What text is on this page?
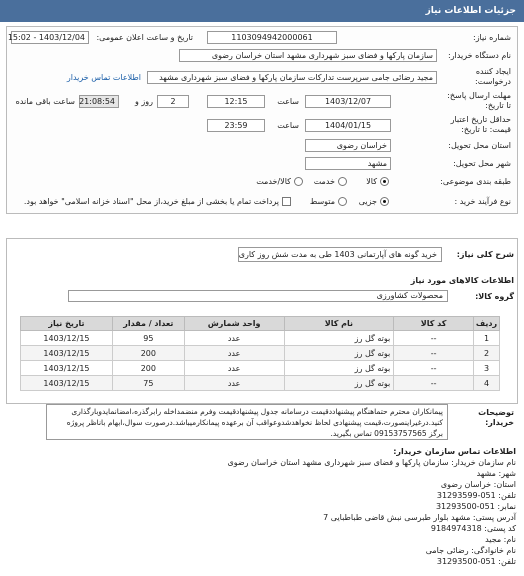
جزئیات اطلاعات نیاز
شماره نیاز:
1103094942000061
تاریخ و ساعت اعلان عمومی:
1403/12/04 - 15:02
نام دستگاه خریدار:
سازمان پارکها و فضای سبز شهرداری مشهد استان خراسان رضوی
ایجاد کننده درخواست:
مجید رضائی جامی سرپرست تدارکات سازمان پارکها و فضای سبز شهرداری مشهد
اطلاعات تماس خریدار
مهلت ارسال پاسخ: تا تاریخ:
1403/12/07
ساعت
12:15
2
روز و
21:08:54
ساعت باقی مانده
حداقل تاریخ اعتبار قیمت: تا تاریخ:
1404/01/15
ساعت
23:59
استان محل تحویل:
خراسان رضوی
شهر محل تحویل:
مشهد
طبقه بندی موضوعی:
کالا
خدمت
کالا/خدمت
نوع فرآیند خرید :
جزیی
متوسط
پرداخت تمام یا بخشی از مبلغ خرید،از محل "اسناد خزانه اسلامی" خواهد بود.
شرح کلی نیاز:
خرید گونه های آپارتمانی 1403 طی به مدت شش روز کاری
اطلاعات کالاهای مورد نیاز
گروه کالا:
محصولات کشاورزی
ردیف	کد کالا	نام کالا	واحد شمارش	تعداد / مقدار	تاریخ نیاز
1	--	بوته گل رز	عدد	95	1403/12/15
2	--	بوته گل رز	عدد	200	1403/12/15
3	--	بوته گل رز	عدد	200	1403/12/15
4	--	بوته گل رز	عدد	75	1403/12/15
توضیحات خریدار:
پیمانکاران محترم حتماهنگام پیشنهاددقیمت درسامانه جدول پیشنهادقیمت وفرم منضمداخله رابرگذره،امضانمایدوبارگذاری کنید.درغیراینصورت،قیمت پیشنهادی لحاظ نخواهدشدوعواقب آن برعهده پیمانکارمیباشد.درصورت سوال،ابهام باناظر پروژه برگز 09153757565 تماس بگیرید.
اطلاعات تماس سازمان خریدار:
نام سازمان خریدار: سازمان پارکها و فضای سبز شهرداری مشهد استان خراسان رضوی
شهر: مشهد
استان: خراسان رضوی
تلفن: 051-31293599
نمابر: 051-31293500
آدرس پستی: مشهد بلوار طبرسی نبش قاضی طباطبایی 7
کد پستی: 9184974318
نام: مجید
نام خانوادگی: رضائی جامی
تلفن: 051-31293500
